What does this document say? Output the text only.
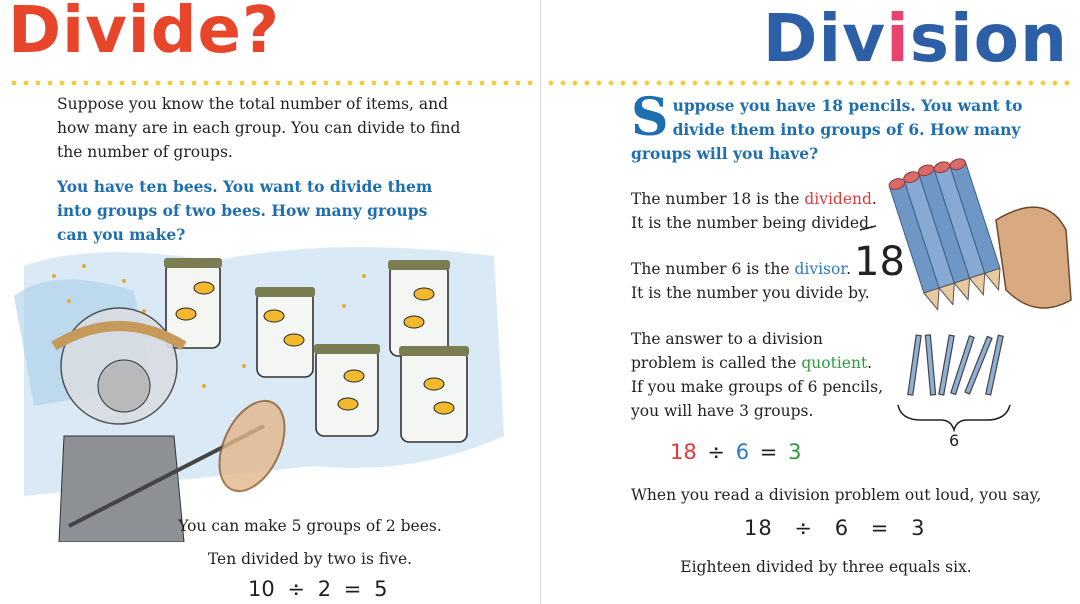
Divide?
Suppose you know the total number of items, and how many are in each group. You can divide to find the number of groups.
You have ten bees. You want to divide them into groups of two bees. How many groups can you make?
You can make 5 groups of 2 bees.
Ten divided by two is five.
10 ÷ 2 = 5
Division
Suppose you have 18 pencils. You want to divide them into groups of 6. How many groups will you have?
The number 18 is the dividend.
It is the number being divided.
The number 6 is the divisor.
It is the number you divide by.
The answer to a division
problem is called the quotient.
If you make groups of 6 pencils,
you will have 3 groups.
18 ÷ 6 = 3
18
6
When you read a division problem out loud, you say,
18 ÷ 6 = 3
Eighteen divided by three equals six.
